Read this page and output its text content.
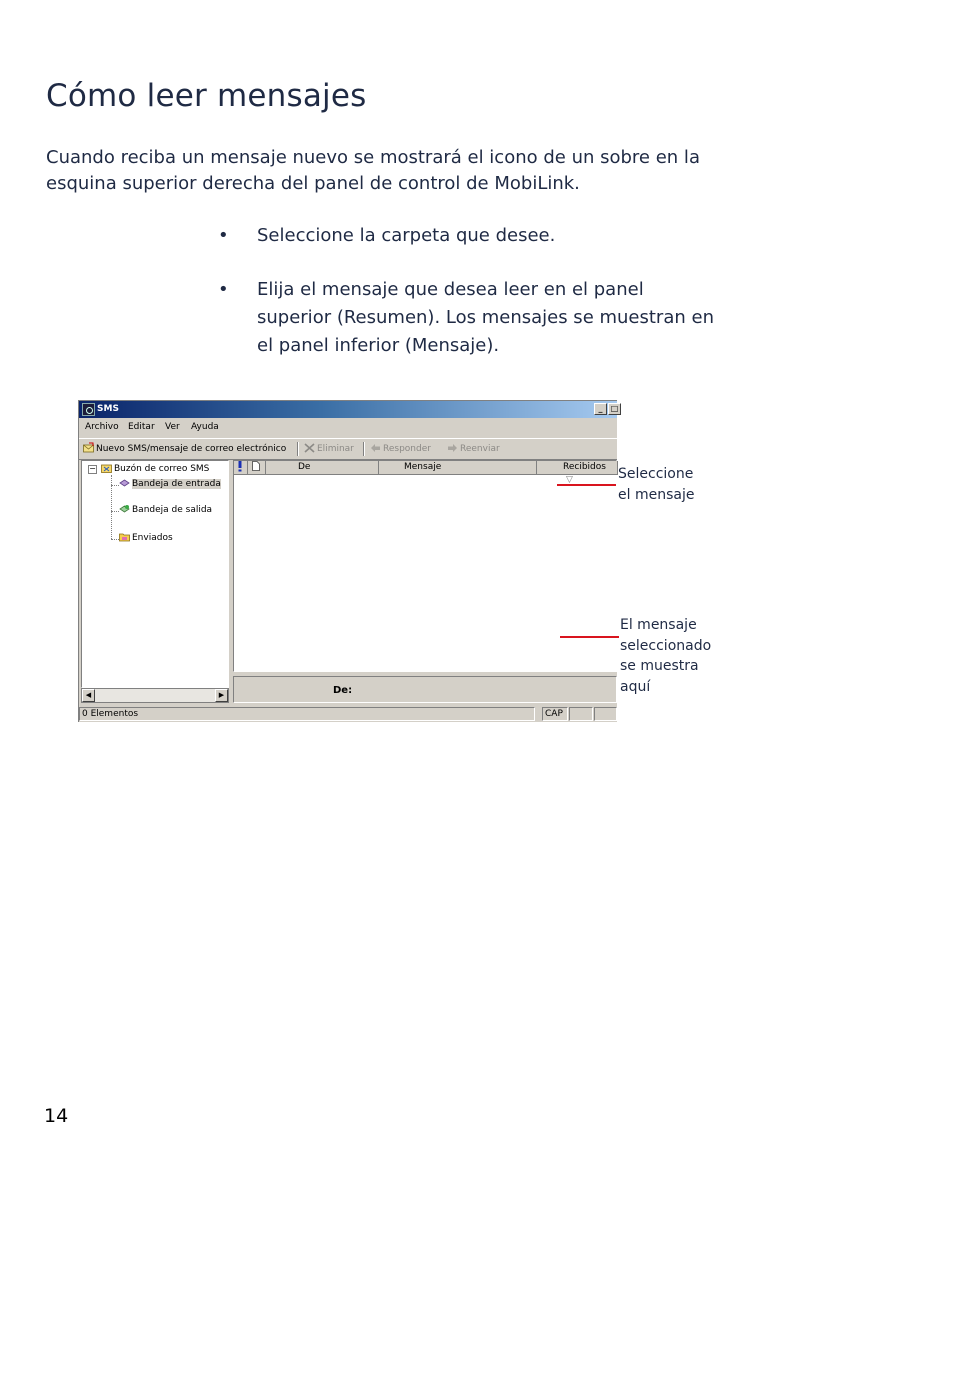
Cómo leer mensajes

Cuando reciba un mensaje nuevo se mostrará el icono de un sobre en la esquina superior derecha del panel de control de MobiLink.

• Seleccione la carpeta que desee.
• Elija el mensaje que desea leer en el panel superior (Resumen). Los mensajes se muestran en el panel inferior (Mensaje).
SMS	_	□
Archivo Editar Ver Ayuda
Nuevo SMS/mensaje de correo electrónico	Eliminar	Responder	Reenviar
−	Buzón de correo SMS
Bandeja de entrada
Bandeja de salida
Enviados
◀	▶
De	Mensaje	Recibidos ▽
De:
0 Elementos	CAP
Seleccione
el mensaje
El mensaje
seleccionado
se muestra
aquí
14
